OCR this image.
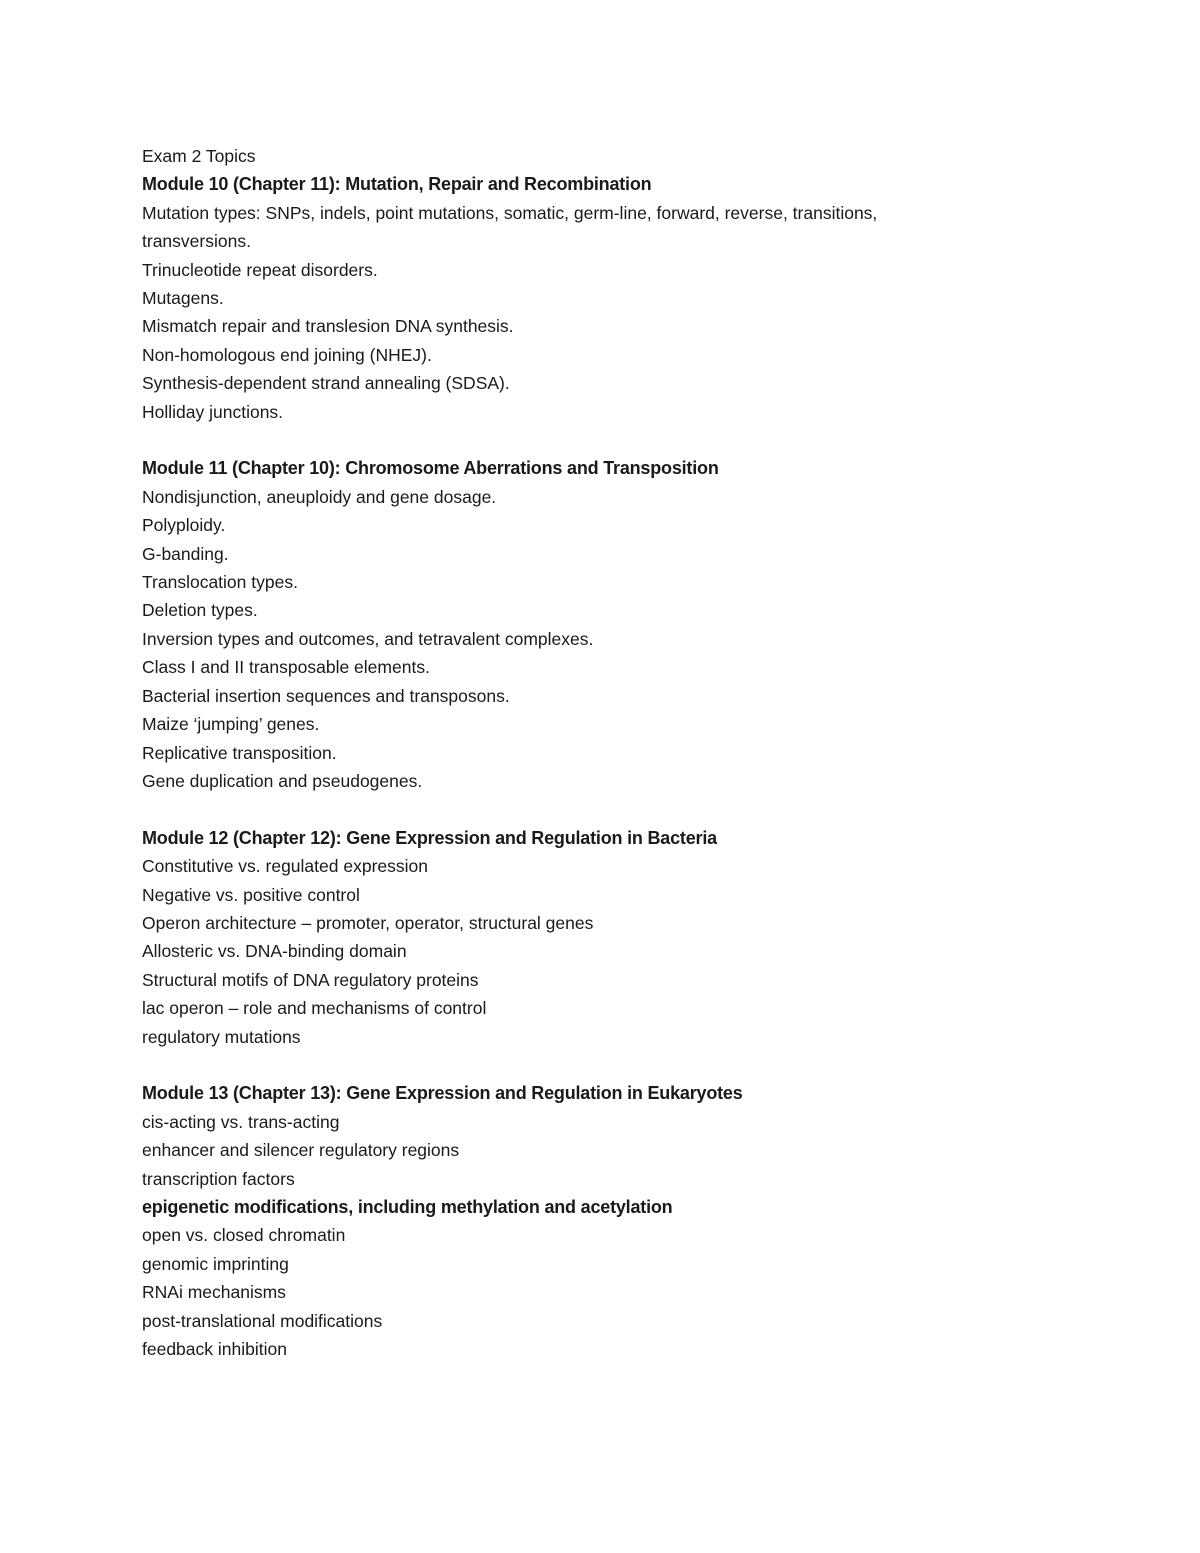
Exam 2 Topics

Module 10 (Chapter 11): Mutation, Repair and Recombination

Mutation types: SNPs, indels, point mutations, somatic, germ-line, forward, reverse, transitions,
transversions.
Trinucleotide repeat disorders.
Mutagens.
Mismatch repair and translesion DNA synthesis.
Non-homologous end joining (NHEJ).
Synthesis-dependent strand annealing (SDSA).
Holliday junctions.

Module 11 (Chapter 10): Chromosome Aberrations and Transposition

Nondisjunction, aneuploidy and gene dosage.
Polyploidy.
G-banding.
Translocation types.
Deletion types.
Inversion types and outcomes, and tetravalent complexes.
Class I and II transposable elements.
Bacterial insertion sequences and transposons.
Maize ‘jumping’ genes.
Replicative transposition.
Gene duplication and pseudogenes.

Module 12 (Chapter 12): Gene Expression and Regulation in Bacteria

Constitutive vs. regulated expression
Negative vs. positive control
Operon architecture – promoter, operator, structural genes
Allosteric vs. DNA-binding domain
Structural motifs of DNA regulatory proteins
lac operon – role and mechanisms of control
regulatory mutations

Module 13 (Chapter 13): Gene Expression and Regulation in Eukaryotes

cis-acting vs. trans-acting
enhancer and silencer regulatory regions
transcription factors
epigenetic modifications, including methylation and acetylation
open vs. closed chromatin
genomic imprinting
RNAi mechanisms
post-translational modifications
feedback inhibition
